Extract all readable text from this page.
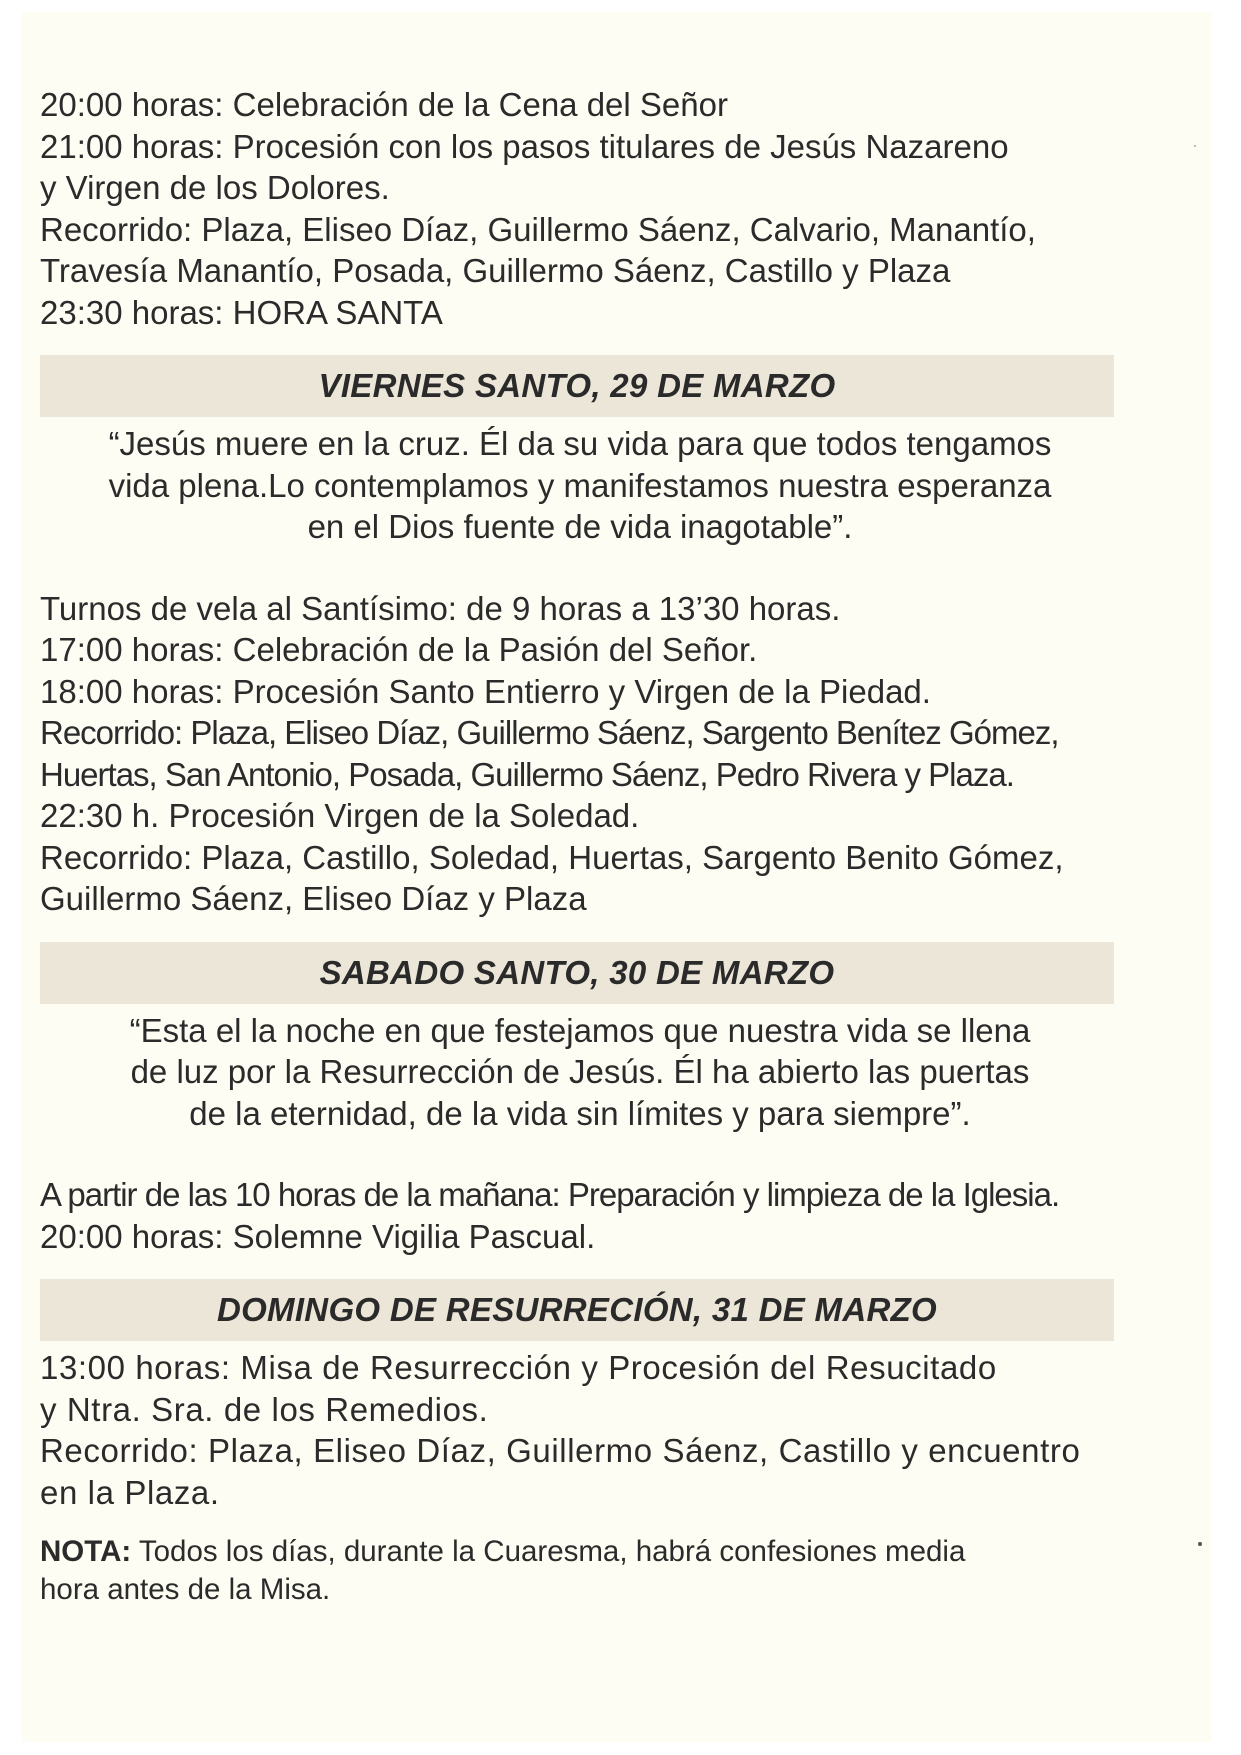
20:00 horas: Celebración de la Cena del Señor

21:00 horas: Procesión con los pasos titulares de Jesús Nazareno

y Virgen de los Dolores.

Recorrido: Plaza, Eliseo Díaz, Guillermo Sáenz, Calvario, Manantío,

Travesía Manantío, Posada, Guillermo Sáenz, Castillo y Plaza

23:30 horas: HORA SANTA

VIERNES SANTO, 29 DE MARZO

“Jesús muere en la cruz. Él da su vida para que todos tengamos

vida plena.Lo contemplamos y manifestamos nuestra esperanza

en el Dios fuente de vida inagotable”.

Turnos de vela al Santísimo: de 9 horas a 13’30 horas.

17:00 horas: Celebración de la Pasión del Señor.

18:00 horas: Procesión Santo Entierro y Virgen de la Piedad.

Recorrido: Plaza, Eliseo Díaz, Guillermo Sáenz, Sargento Benítez Gómez,

Huertas, San Antonio, Posada, Guillermo Sáenz, Pedro Rivera y Plaza.

22:30 h. Procesión Virgen de la Soledad.

Recorrido: Plaza, Castillo, Soledad, Huertas, Sargento Benito Gómez,

Guillermo Sáenz, Eliseo Díaz y Plaza

SABADO SANTO, 30 DE MARZO

“Esta el la noche en que festejamos que nuestra vida se llena

de luz por la Resurrección de Jesús. Él ha abierto las puertas

de la eternidad, de la vida sin límites y para siempre”.

A partir de las 10 horas de la mañana: Preparación y limpieza de la Iglesia.

20:00 horas: Solemne Vigilia Pascual.

DOMINGO DE RESURRECIÓN, 31 DE MARZO

13:00 horas: Misa de Resurrección y Procesión del Resucitado

y Ntra. Sra. de los Remedios.

Recorrido: Plaza, Eliseo Díaz, Guillermo Sáenz, Castillo y encuentro

en la Plaza.

NOTA: Todos los días, durante la Cuaresma, habrá confesiones media

hora antes de la Misa.
